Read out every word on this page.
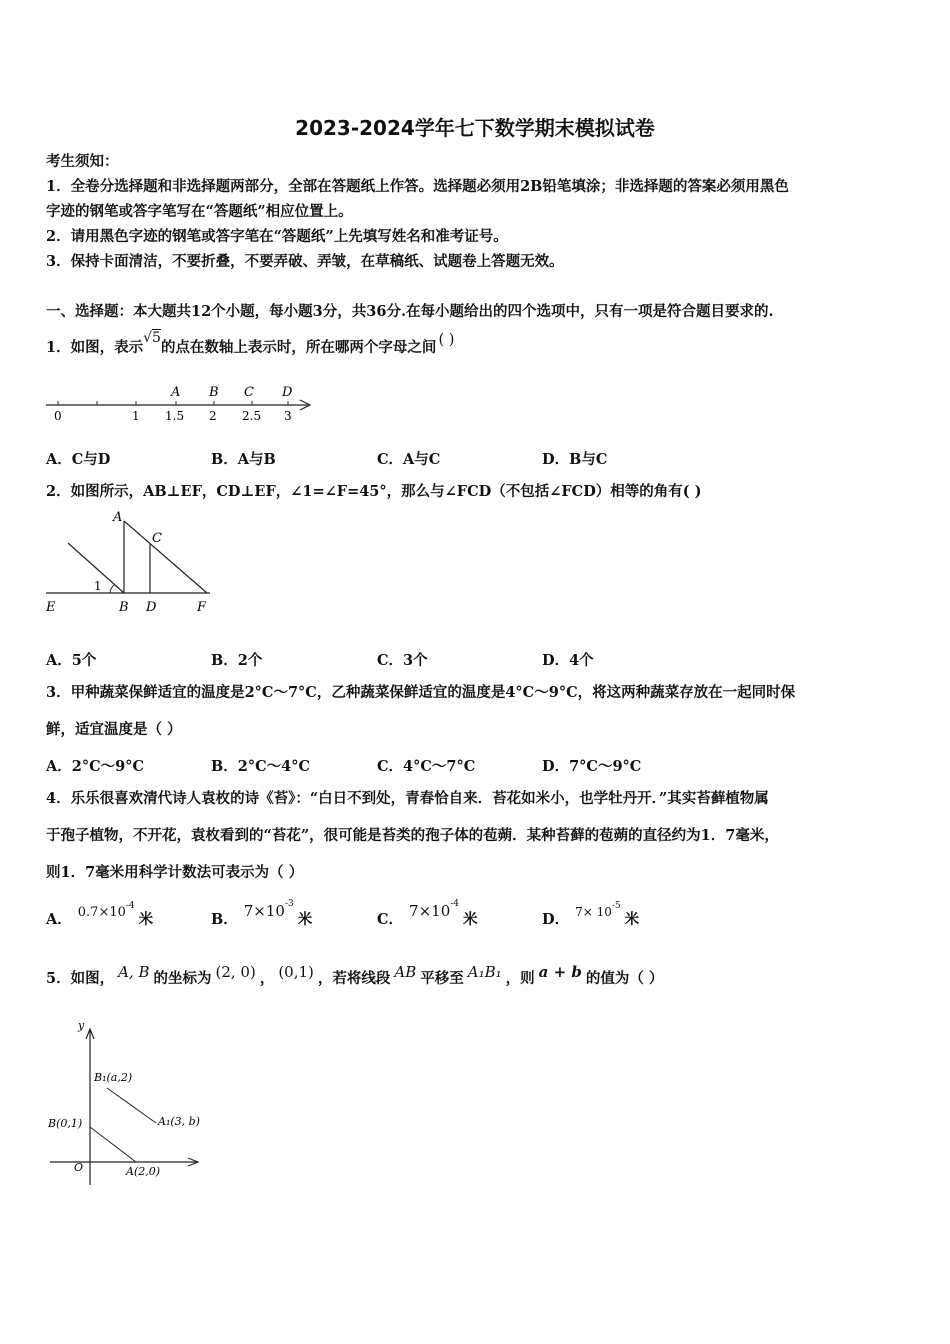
2023-2024学年七下数学期末模拟试卷
考生须知：
1．全卷分选择题和非选择题两部分，全部在答题纸上作答。选择题必须用2B铅笔填涂；非选择题的答案必须用黑色
字迹的钢笔或答字笔写在“答题纸”相应位置上。
2．请用黑色字迹的钢笔或答字笔在“答题纸”上先填写姓名和准考证号。
3．保持卡面清洁，不要折叠，不要弄破、弄皱，在草稿纸、试题卷上答题无效。
一、选择题：本大题共12个小题，每小题3分，共36分.在每小题给出的四个选项中，只有一项是符合题目要求的.
1．如图，表示√5的点在数轴上表示时，所在哪两个字母之间 ( )
A B C D
0	1 1.5 2 2.5 3
A．C与D	B．A与B	C．A与C	D．B与C
2．如图所示，AB⊥EF，CD⊥EF，∠1=∠F=45°，那么与∠FCD（不包括∠FCD）相等的角有( )
A
C
1
E	B D	F
A．5个	B．2个	C．3个	D．4个
3．甲种蔬菜保鲜适宜的温度是2°C～7°C，乙种蔬菜保鲜适宜的温度是4°C～9°C，将这两种蔬菜存放在一起同时保
鲜，适宜温度是（ ）
A．2°C～9°C	B．2°C～4°C	C．4°C～7°C	D．7°C～9°C
4．乐乐很喜欢清代诗人袁枚的诗《苔》：“白日不到处，青春恰自来．苔花如米小，也学牡丹开．”其实苔藓植物属
于孢子植物，不开花，袁枚看到的“苔花”，很可能是苔类的孢子体的苞蒴．某种苔藓的苞蒴的直径约为1．7毫米，
则1．7毫米用科学计数法可表示为（ ）
A． $0.7\times 10^{-4}$米	B． $7\times 10^{-3}$米	C． $7\times 10^{-4}$米	D． $^{7\times 10-5}$米
5．如图， A, B 的坐标为 (2, 0) ， (0,1) ，若将线段 AB 平移至 A₁B₁ ，则 a + b 的值为（ ）
y
O
B₁(a,2)
A₁(3, b)
B(0,1)
A(2,0)
